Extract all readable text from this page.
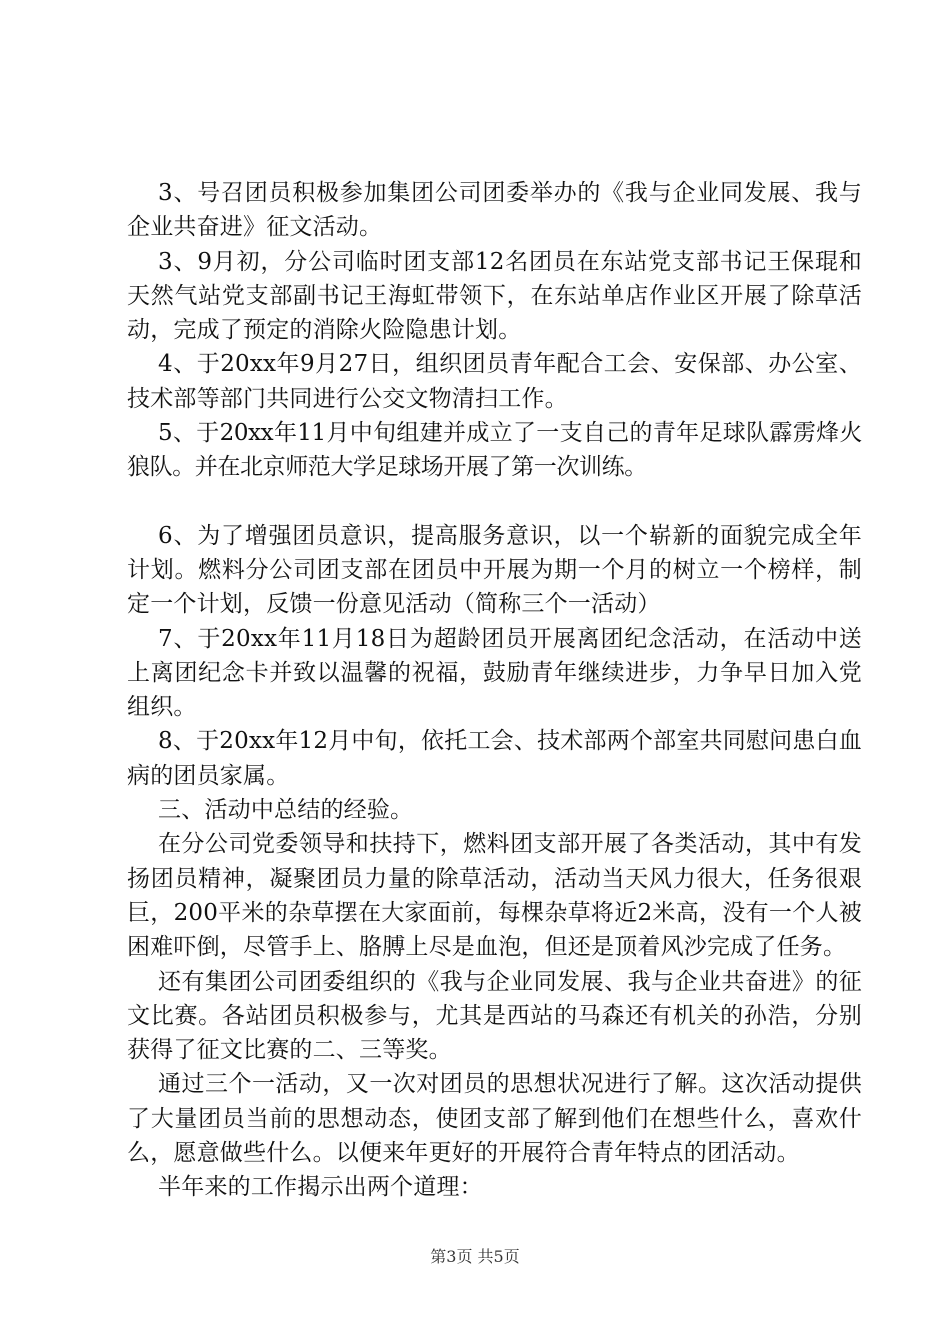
3、号召团员积极参加集团公司团委举办的《我与企业同发展、我与企业共奋进》征文活动。

3、9月初，分公司临时团支部12名团员在东站党支部书记王保琨和天然气站党支部副书记王海虹带领下，在东站单店作业区开展了除草活动，完成了预定的消除火险隐患计划。

4、于20xx年9月27日，组织团员青年配合工会、安保部、办公室、技术部等部门共同进行公交文物清扫工作。

5、于20xx年11月中旬组建并成立了一支自己的青年足球队霹雳烽火狼队。并在北京师范大学足球场开展了第一次训练。

6、为了增强团员意识，提高服务意识，以一个崭新的面貌完成全年计划。燃料分公司团支部在团员中开展为期一个月的树立一个榜样，制定一个计划，反馈一份意见活动（简称三个一活动）

7、于20xx年11月18日为超龄团员开展离团纪念活动，在活动中送上离团纪念卡并致以温馨的祝福，鼓励青年继续进步，力争早日加入党组织。

8、于20xx年12月中旬，依托工会、技术部两个部室共同慰问患白血病的团员家属。

三、活动中总结的经验。

在分公司党委领导和扶持下，燃料团支部开展了各类活动，其中有发扬团员精神，凝聚团员力量的除草活动，活动当天风力很大，任务很艰巨，200平米的杂草摆在大家面前，每棵杂草将近2米高，没有一个人被困难吓倒，尽管手上、胳膊上尽是血泡，但还是顶着风沙完成了任务。

还有集团公司团委组织的《我与企业同发展、我与企业共奋进》的征文比赛。各站团员积极参与，尤其是西站的马森还有机关的孙浩，分别获得了征文比赛的二、三等奖。

通过三个一活动，又一次对团员的思想状况进行了解。这次活动提供了大量团员当前的思想动态，使团支部了解到他们在想些什么，喜欢什么，愿意做些什么。以便来年更好的开展符合青年特点的团活动。

半年来的工作揭示出两个道理：

第3页 共5页
